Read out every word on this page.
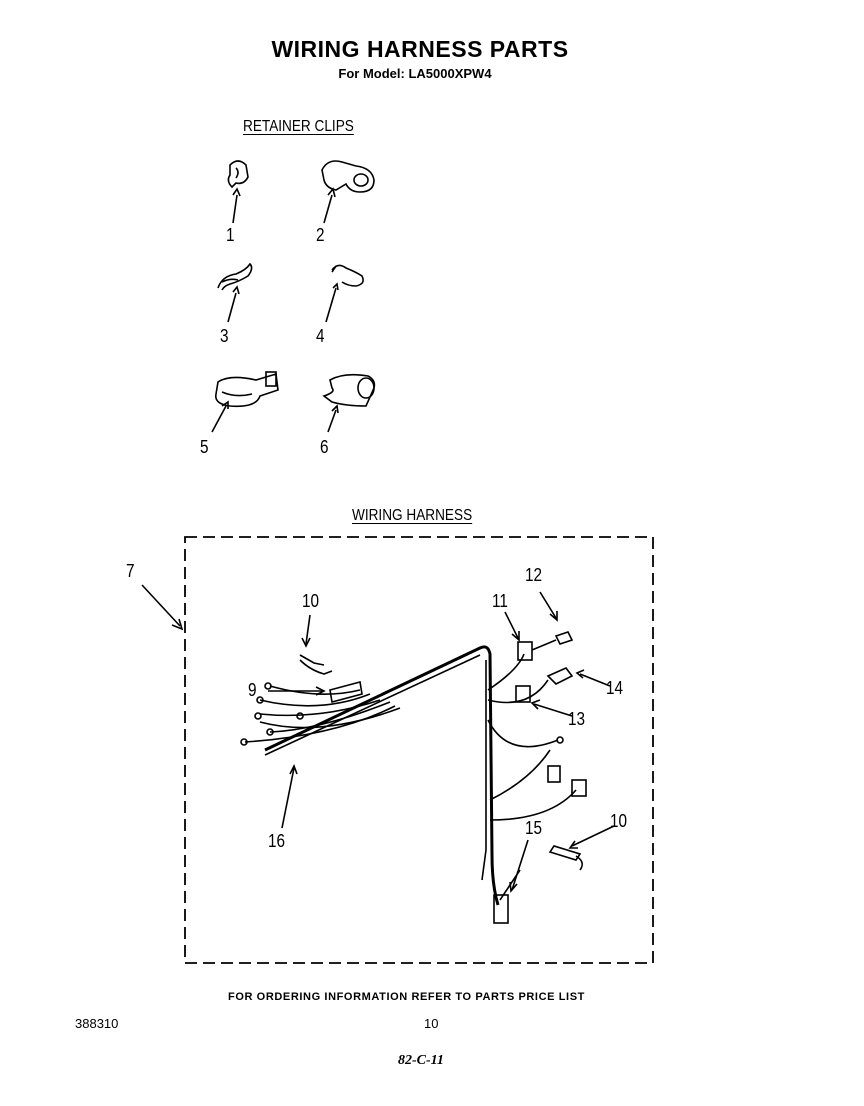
WIRING HARNESS PARTS
For Model: LA5000XPW4
RETAINER CLIPS
WIRING HARNESS
1	2
3	4
5	6
7
10	11
12
9	14
13
16
15	10
FOR ORDERING INFORMATION REFER TO PARTS PRICE LIST
388310	10
82-C-11
